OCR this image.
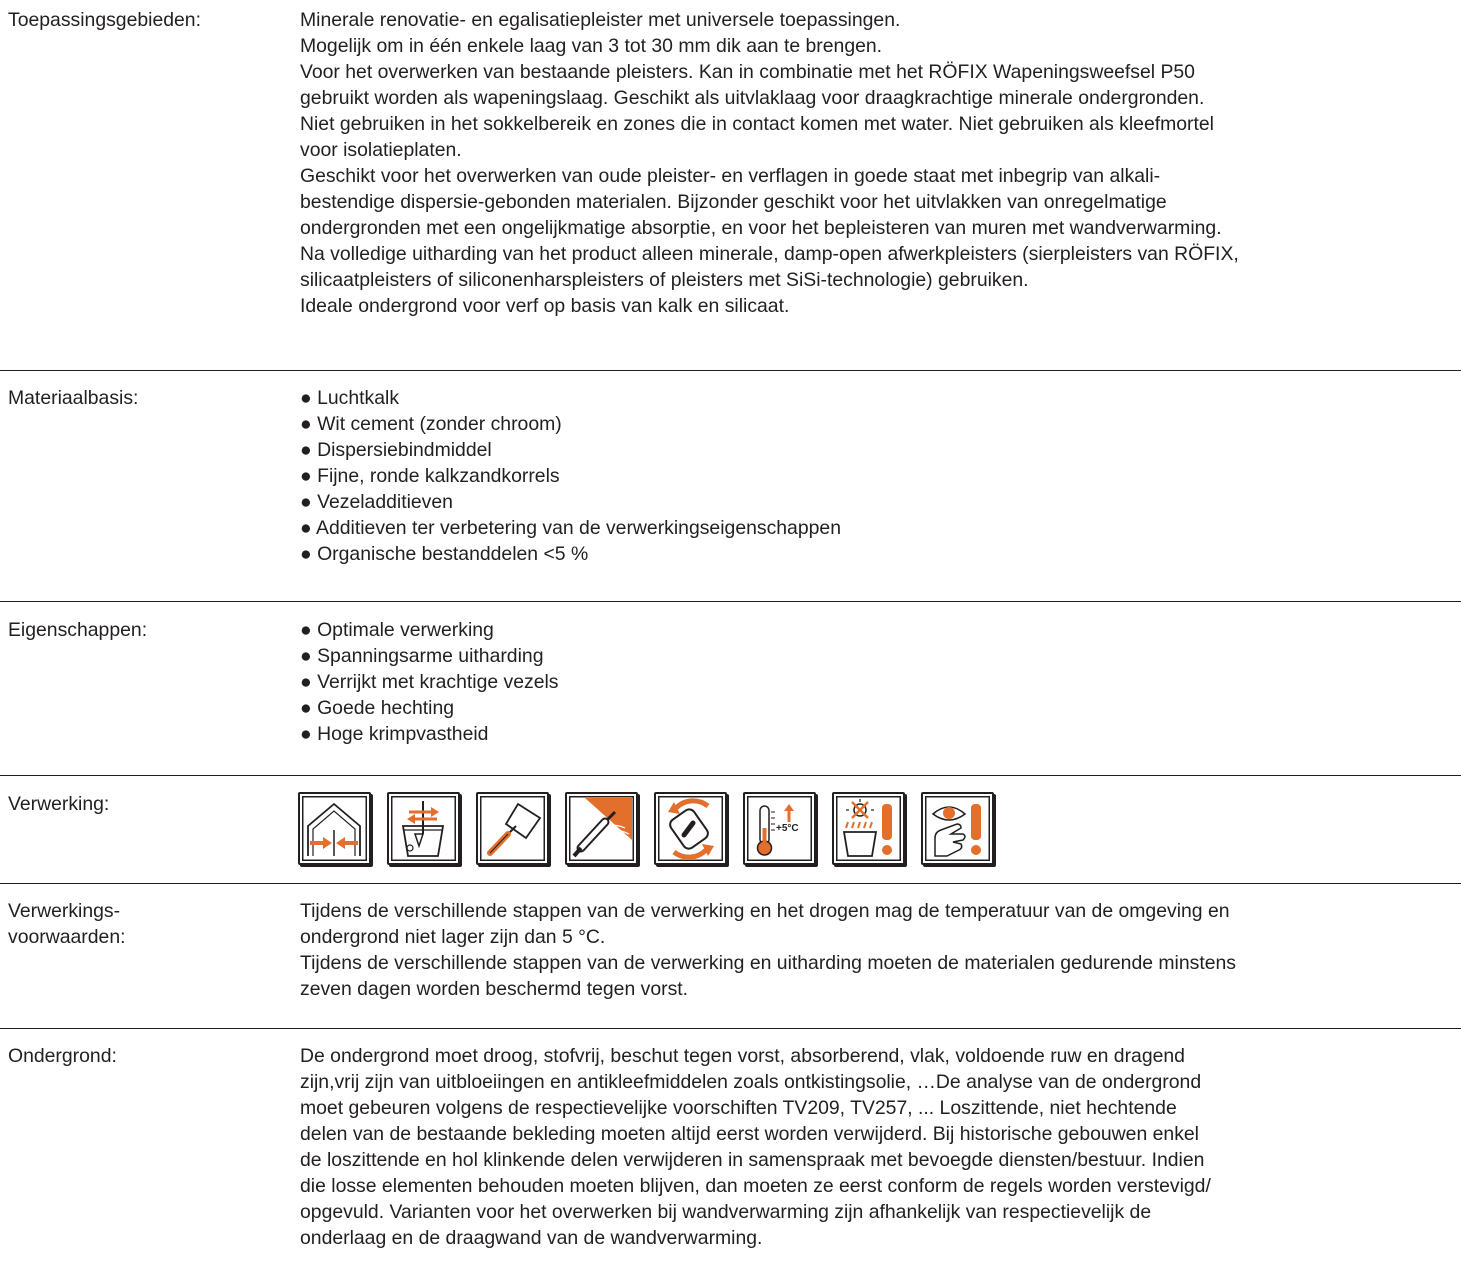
Toepassingsgebieden:	Minerale renovatie- en egalisatiepleister met universele toepassingen.
Mogelijk om in één enkele laag van 3 tot 30 mm dik aan te brengen.
Voor het overwerken van bestaande pleisters. Kan in combinatie met het RÖFIX Wapeningsweefsel P50
gebruikt worden als wapeningslaag. Geschikt als uitvlaklaag voor draagkrachtige minerale ondergronden.
Niet gebruiken in het sokkelbereik en zones die in contact komen met water. Niet gebruiken als kleefmortel
voor isolatieplaten.
Geschikt voor het overwerken van oude pleister- en verflagen in goede staat met inbegrip van alkali-
bestendige dispersie-gebonden materialen. Bijzonder geschikt voor het uitvlakken van onregelmatige
ondergronden met een ongelijkmatige absorptie, en voor het bepleisteren van muren met wandverwarming.
Na volledige uitharding van het product alleen minerale, damp-open afwerkpleisters (sierpleisters van RÖFIX,
silicaatpleisters of siliconenharspleisters of pleisters met SiSi-technologie) gebruiken.
Ideale ondergrond voor verf op basis van kalk en silicaat.
Materiaalbasis:	● Luchtkalk
● Wit cement (zonder chroom)
● Dispersiebindmiddel
● Fijne, ronde kalkzandkorrels
● Vezeladditieven
● Additieven ter verbetering van de verwerkingseigenschappen
● Organische bestanddelen <5 %
Eigenschappen:	● Optimale verwerking
● Spanningsarme uitharding
● Verrijkt met krachtige vezels
● Goede hechting
● Hoge krimpvastheid
Verwerking:
+5°C
Verwerkings-
voorwaarden:
Tijdens de verschillende stappen van de verwerking en het drogen mag de temperatuur van de omgeving en
ondergrond niet lager zijn dan 5 °C.
Tijdens de verschillende stappen van de verwerking en uitharding moeten de materialen gedurende minstens
zeven dagen worden beschermd tegen vorst.
Ondergrond:	De ondergrond moet droog, stofvrij, beschut tegen vorst, absorberend, vlak, voldoende ruw en dragend
zijn,vrij zijn van uitbloeiingen en antikleefmiddelen zoals ontkistingsolie, …De analyse van de ondergrond
moet gebeuren volgens de respectievelijke voorschiften TV209, TV257, ... Loszittende, niet hechtende
delen van de bestaande bekleding moeten altijd eerst worden verwijderd. Bij historische gebouwen enkel
de loszittende en hol klinkende delen verwijderen in samenspraak met bevoegde diensten/bestuur. Indien
die losse elementen behouden moeten blijven, dan moeten ze eerst conform de regels worden verstevigd/
opgevuld. Varianten voor het overwerken bij wandverwarming zijn afhankelijk van respectievelijk de
onderlaag en de draagwand van de wandverwarming.
